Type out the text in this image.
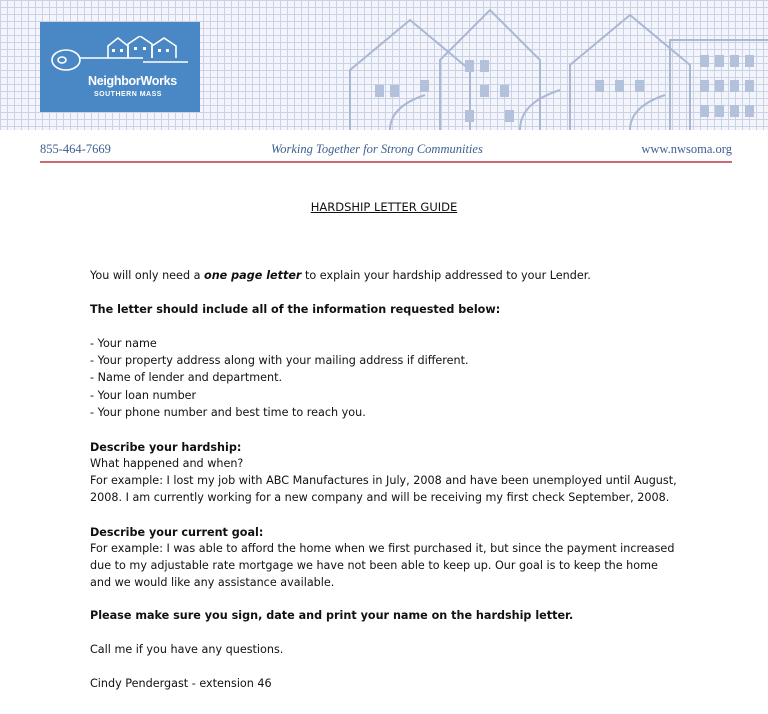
NeighborWorks
SOUTHERN MASS
855-464-7669	Working Together for Strong Communities	www.nwsoma.org
HARDSHIP LETTER GUIDE
You will only need a one page letter to explain your hardship addressed to your Lender.
The letter should include all of the information requested below:
- Your name
- Your property address along with your mailing address if different.
- Name of lender and department.
- Your loan number
- Your phone number and best time to reach you.
Describe your hardship:
What happened and when?
For example: I lost my job with ABC Manufactures in July, 2008 and have been unemployed until August,
2008. I am currently working for a new company and will be receiving my first check September, 2008.
Describe your current goal:
For example: I was able to afford the home when we first purchased it, but since the payment increased
due to my adjustable rate mortgage we have not been able to keep up. Our goal is to keep the home
and we would like any assistance available.
Please make sure you sign, date and print your name on the hardship letter.
Call me if you have any questions.
Cindy Pendergast - extension 46
